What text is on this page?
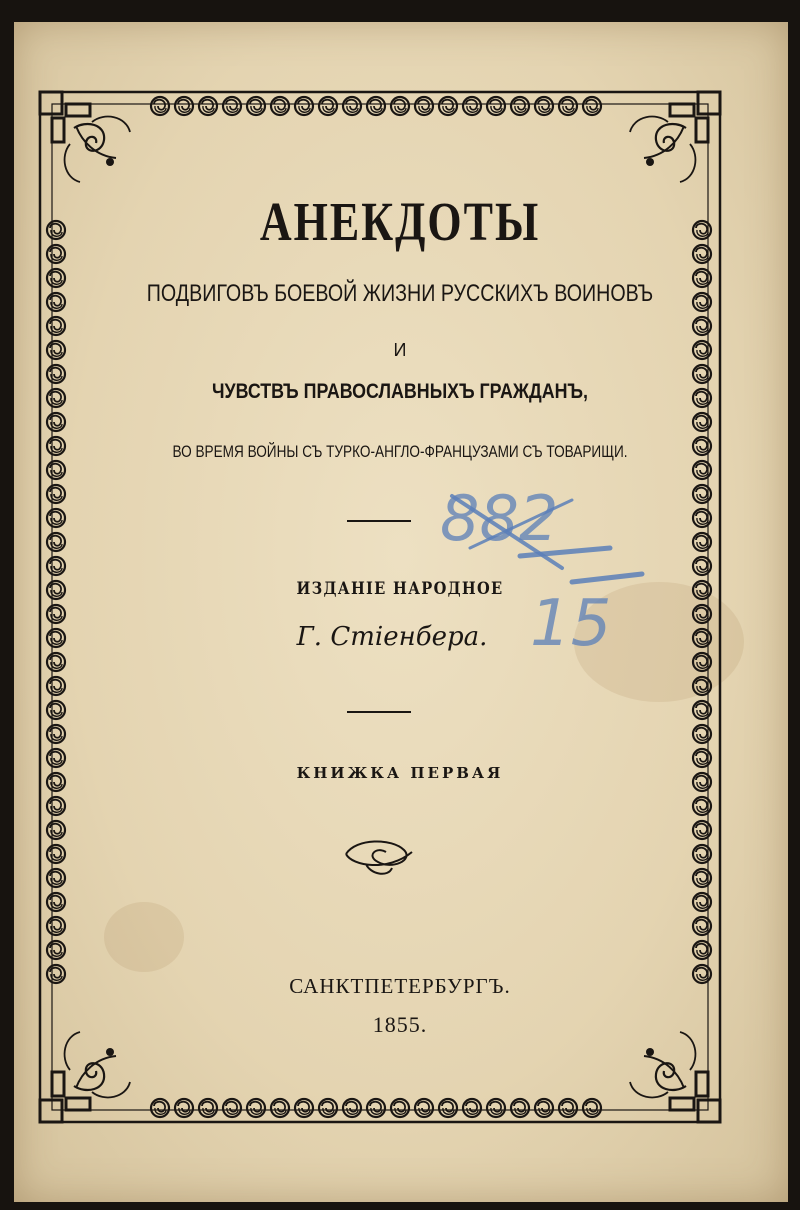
АНЕКДОТЫ
ПОДВИГОВЪ БОЕВОЙ ЖИЗНИ РУССКИХЪ ВОИНОВЪ
И
ЧУВСТВЪ ПРАВОСЛАВНЫХЪ ГРАЖДАНЪ,
ВО ВРЕМЯ ВОЙНЫ СЪ ТУРКО-АНГЛО-ФРАНЦУЗАМИ СЪ ТОВАРИЩИ.
ИЗДАНIЕ НАРОДНОЕ
Г. Стiенбера.
КНИЖКА ПЕРВАЯ
САНКТПЕТЕРБУРГЪ.
1855.
882
15
